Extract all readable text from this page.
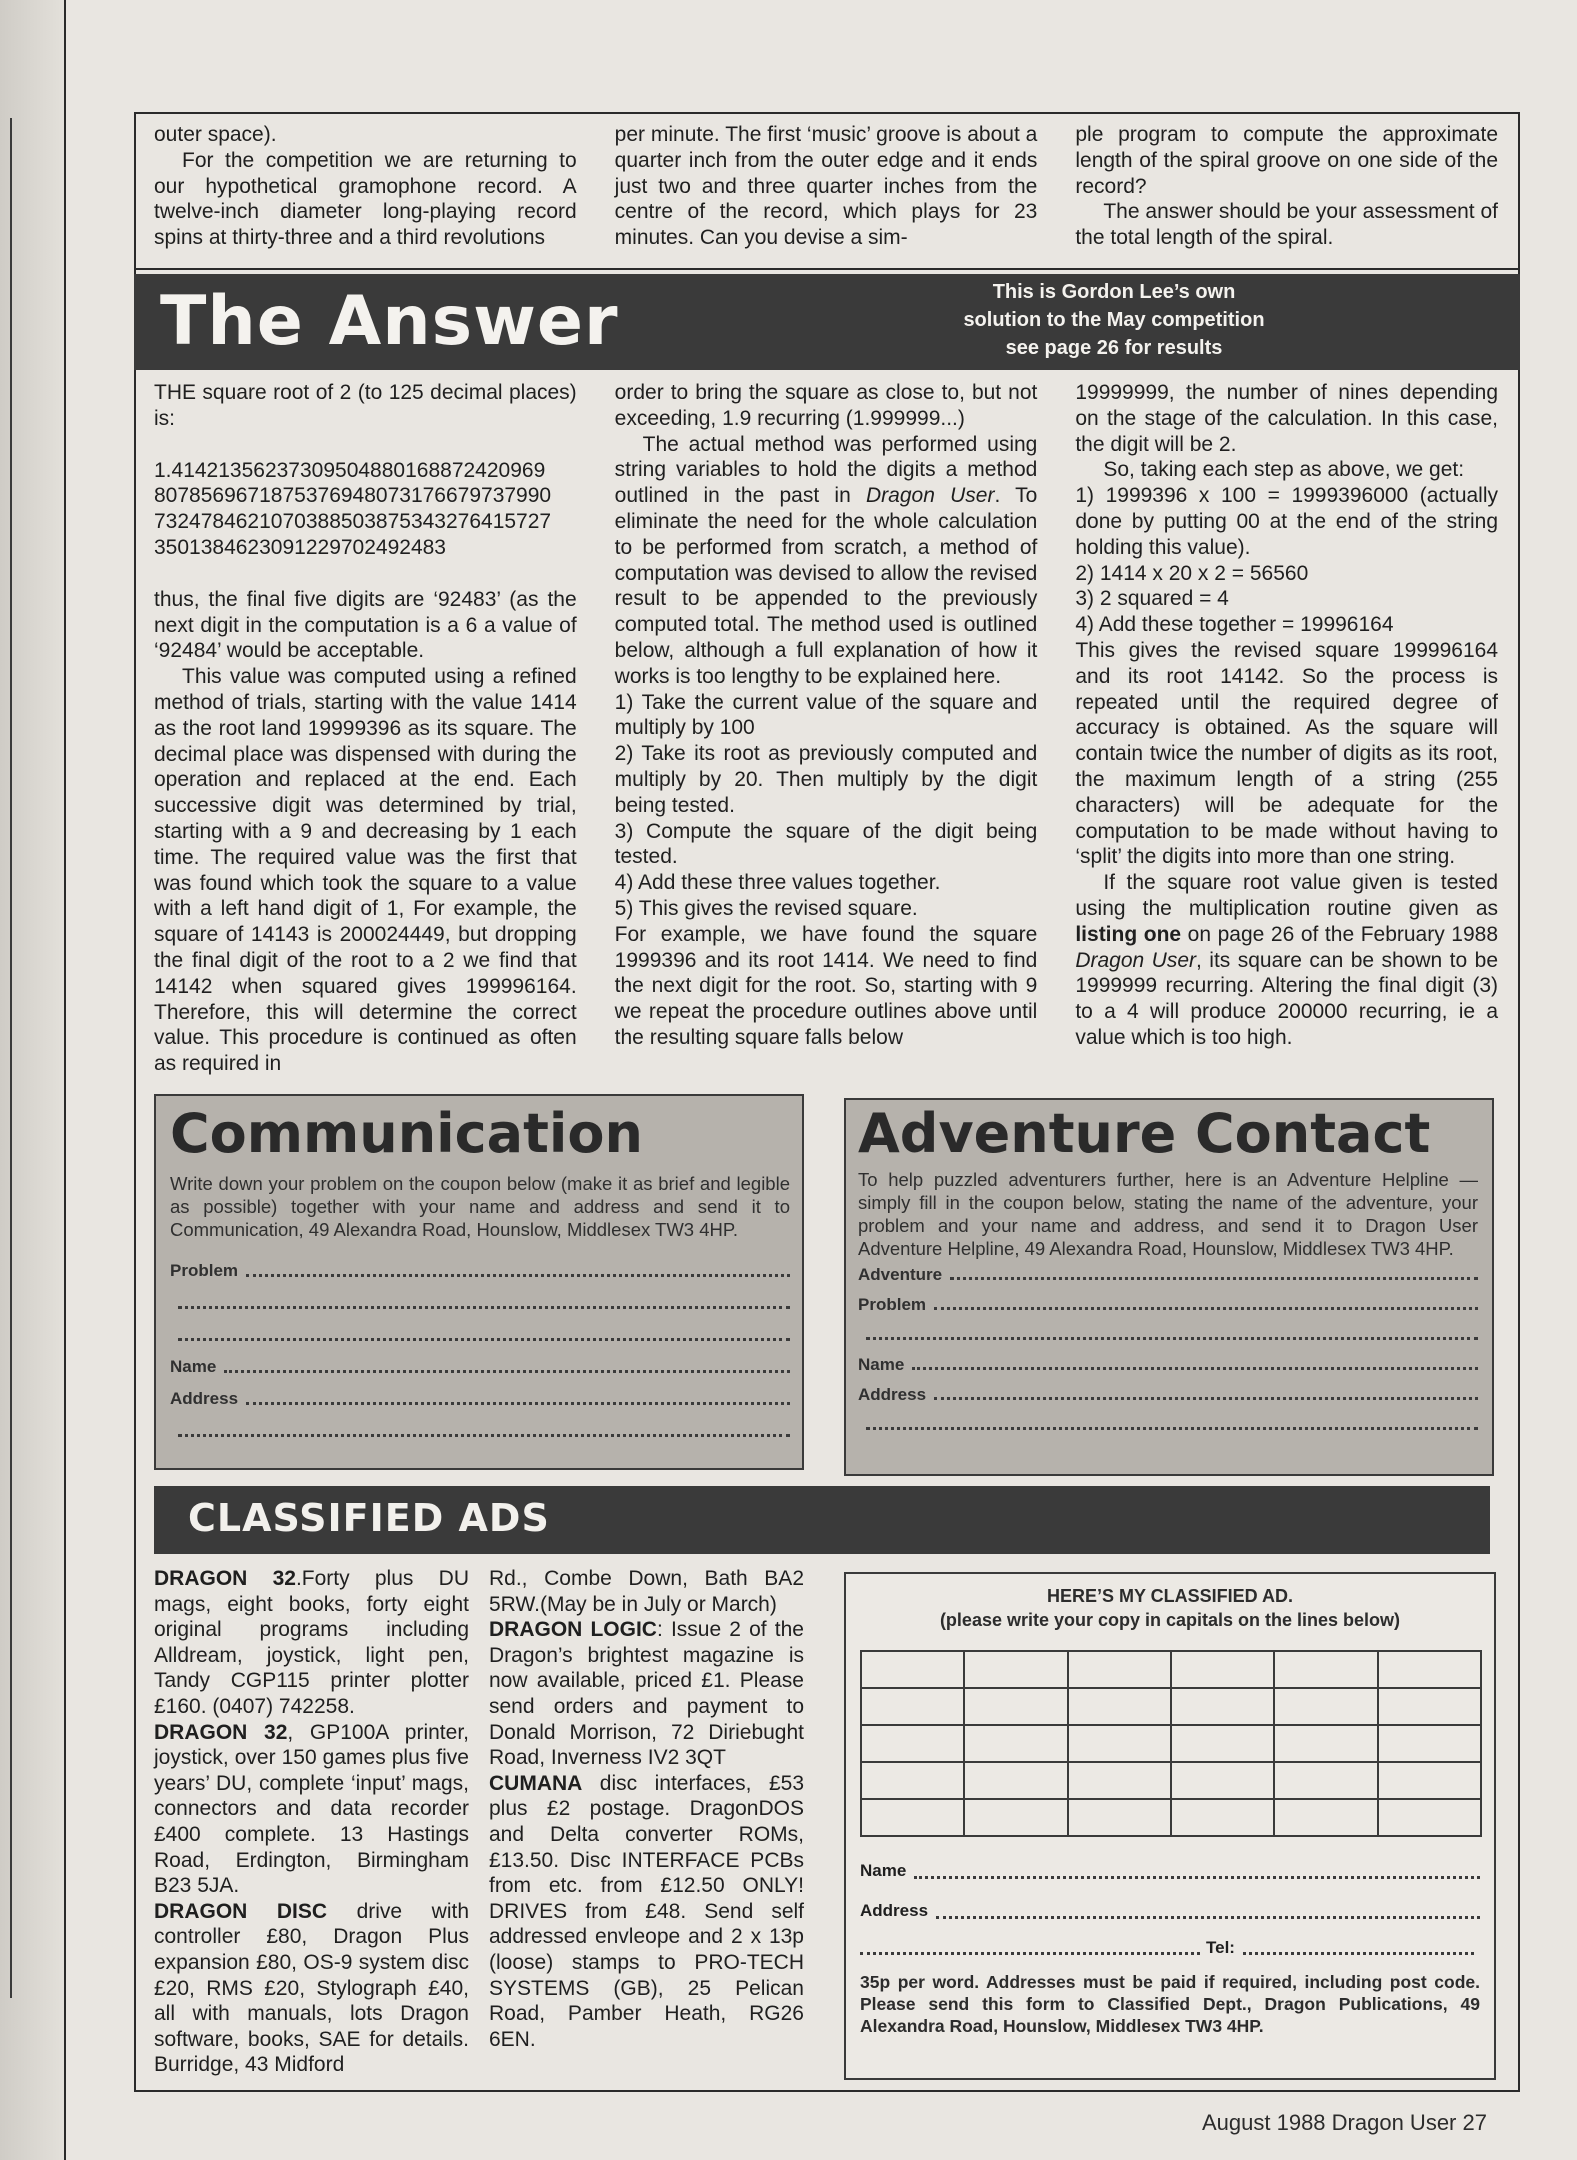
outer space).

For the competition we are returning to our hypothetical gramophone record. A twelve-inch diameter long-playing record spins at thirty-three and a third revolutions

per minute. The first ‘music’ groove is about a quarter inch from the outer edge and it ends just two and three quarter inches from the centre of the record, which plays for 23 minutes. Can you devise a sim-

ple program to compute the approximate length of the spiral groove on one side of the record?

The answer should be your assessment of the total length of the spiral.

The Answer	This is Gordon Lee’s own
solution to the May competition
see page 26 for results

THE square root of 2 (to 125 decimal places) is:

1.41421356237309504880168872420969
80785696718753769480731766797379​90
73247846210703885038753432764157​27
35013846230912297024924​83

thus, the final five digits are ‘92483’ (as the next digit in the computation is a 6 a value of ‘92484’ would be acceptable.

This value was computed using a refined method of trials, starting with the value 1414 as the root land 19999396 as its square. The decimal place was dispensed with during the operation and replaced at the end. Each successive digit was determined by trial, starting with a 9 and decreasing by 1 each time. The required value was the first that was found which took the square to a value with a left hand digit of 1, For example, the square of 14143 is 200024449, but dropping the final digit of the root to a 2 we find that 14142 when squared gives 199996164. Therefore, this will determine the correct value. This procedure is continued as often as required in

order to bring the square as close to, but not exceeding, 1.9 recurring (1.999999...)

The actual method was performed using string variables to hold the digits a method outlined in the past in Dragon User. To eliminate the need for the whole calculation to be performed from scratch, a method of computation was devised to allow the revised result to be appended to the previously computed total. The method used is outlined below, although a full explanation of how it works is too lengthy to be explained here.

1) Take the current value of the square and multiply by 100

2) Take its root as previously computed and multiply by 20. Then multiply by the digit being tested.

3) Compute the square of the digit being tested.

4) Add these three values together.

5) This gives the revised square.

For example, we have found the square 1999396 and its root 1414. We need to find the next digit for the root. So, starting with 9 we repeat the procedure outlines above until the resulting square falls below

19999999, the number of nines depending on the stage of the calculation. In this case, the digit will be 2.

So, taking each step as above, we get:

1) 1999396 x 100 = 1999396000 (actually done by putting 00 at the end of the string holding this value).

2) 1414 x 20 x 2 = 56560

3) 2 squared = 4

4) Add these together = 19996164

This gives the revised square 199996164 and its root 14142. So the process is repeated until the required degree of accuracy is obtained. As the square will contain twice the number of digits as its root, the maximum length of a string (255 characters) will be adequate for the computation to be made without having to ‘split’ the digits into more than one string.

If the square root value given is tested using the multiplication routine given as listing one on page 26 of the February 1988 Dragon User, its square can be shown to be 1999999 recurring. Altering the final digit (3) to a 4 will produce 200000 recurring, ie a value which is too high.

Communication

Write down your problem on the coupon below (make it as brief and legible as possible) together with your name and address and send it to Communication, 49 Alexandra Road, Hounslow, Middlesex TW3 4HP.

Problem
Name
Address
Adventure Contact

To help puzzled adventurers further, here is an Adventure Helpline — simply fill in the coupon below, stating the name of the adventure, your problem and your name and address, and send it to Dragon User Adventure Helpline, 49 Alexandra Road, Hounslow, Middlesex TW3 4HP.

Adventure
Problem
Name
Address
CLASSIFIED ADS

DRAGON 32.Forty plus DU mags, eight books, forty eight original programs including Alldream, joystick, light pen, Tandy CGP115 printer plotter £160. (0407) 742258.

DRAGON 32, GP100A printer, joystick, over 150 games plus five years’ DU, complete ‘input’ mags, connectors and data recorder £400 complete. 13 Hastings Road, Erdington, Birmingham B23 5JA.

DRAGON DISC drive with controller £80, Dragon Plus expansion £80, OS-9 system disc £20, RMS £20, Stylograph £40, all with manuals, lots Dragon software, books, SAE for details. Burridge, 43 Midford

Rd., Combe Down, Bath BA2 5RW.(May be in July or March)

DRAGON LOGIC: Issue 2 of the Dragon’s brightest magazine is now available, priced £1. Please send orders and payment to Donald Morrison, 72 Diriebught Road, Inverness IV2 3QT

CUMANA disc interfaces, £53 plus £2 postage. DragonDOS and Delta converter ROMs, £13.50. Disc INTERFACE PCBs from etc. from £12.50 ONLY! DRIVES from £48. Send self addressed envleope and 2 x 13p (loose) stamps to PRO-TECH SYSTEMS (GB), 25 Pelican Road, Pamber Heath, RG26 6EN.

HERE’S MY CLASSIFIED AD.
(please write your copy in capitals on the lines below)

Name
Address
Tel:
35p per word. Addresses must be paid if required, including post code. Please send this form to Classified Dept., Dragon Publications, 49 Alexandra Road, Hounslow, Middlesex TW3 4HP.
August 1988 Dragon User 27
